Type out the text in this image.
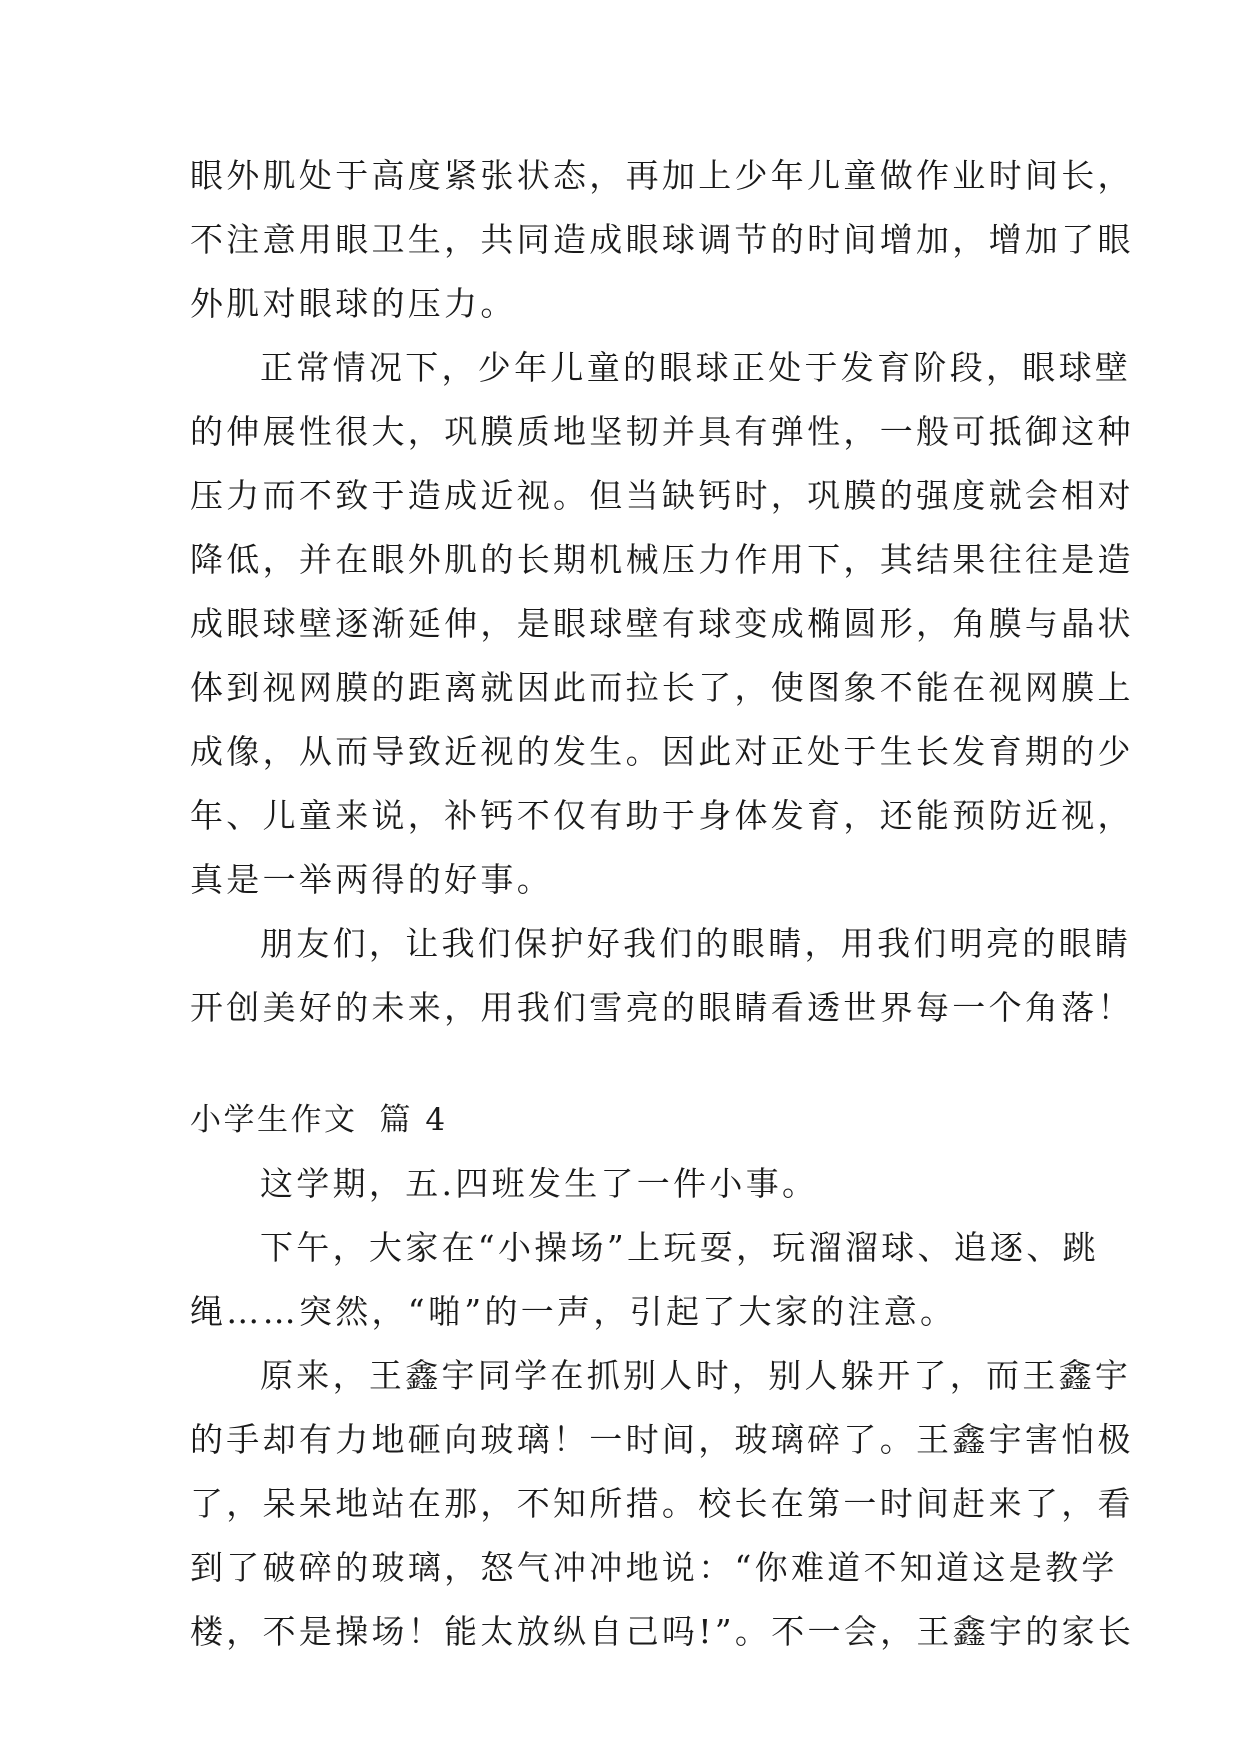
眼外肌处于高度紧张状态，再加上少年儿童做作业时间长，
不注意用眼卫生，共同造成眼球调节的时间增加，增加了眼
外肌对眼球的压力。
正常情况下，少年儿童的眼球正处于发育阶段，眼球壁
的伸展性很大，巩膜质地坚韧并具有弹性，一般可抵御这种
压力而不致于造成近视。但当缺钙时，巩膜的强度就会相对
降低，并在眼外肌的长期机械压力作用下，其结果往往是造
成眼球壁逐渐延伸，是眼球壁有球变成椭圆形，角膜与晶状
体到视网膜的距离就因此而拉长了，使图象不能在视网膜上
成像，从而导致近视的发生。因此对正处于生长发育期的少
年、儿童来说，补钙不仅有助于身体发育，还能预防近视，
真是一举两得的好事。
朋友们，让我们保护好我们的眼睛，用我们明亮的眼睛
开创美好的未来，用我们雪亮的眼睛看透世界每一个角落！
小学生作文 篇 4
这学期，五.四班发生了一件小事。
下午，大家在“小操场”上玩耍，玩溜溜球、追逐、跳
绳……突然，“啪”的一声，引起了大家的注意。
原来，王鑫宇同学在抓别人时，别人躲开了，而王鑫宇
的手却有力地砸向玻璃！一时间，玻璃碎了。王鑫宇害怕极
了，呆呆地站在那，不知所措。校长在第一时间赶来了，看
到了破碎的玻璃，怒气冲冲地说：“你难道不知道这是教学
楼，不是操场！能太放纵自己吗!”。不一会，王鑫宇的家长
